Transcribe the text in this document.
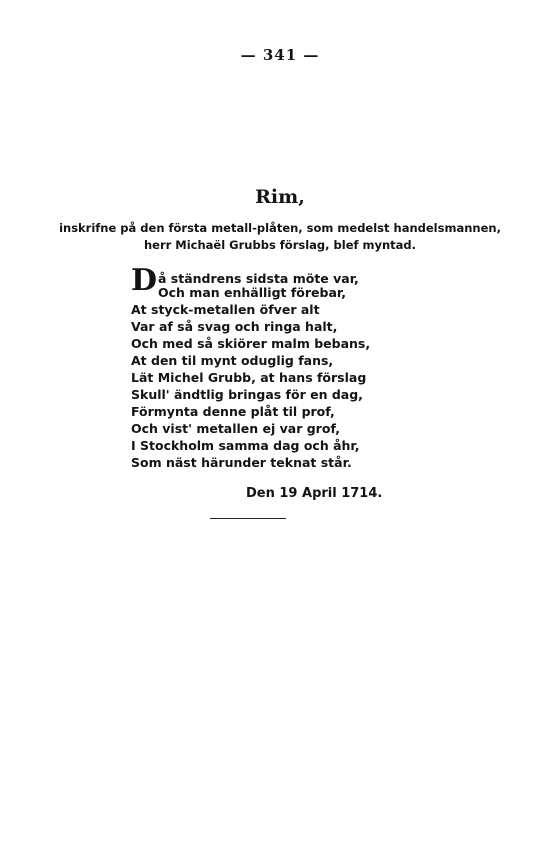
— 341 —
Rim,
inskrifne på den första metall-plåten, som medelst handelsmannen,
herr Michaël Grubbs förslag, blef myntad.
D å ständrens sidsta möte var,
Och man enhälligt förebar,
At styck-metallen öfver alt
Var af så svag och ringa halt,
Och med så skiörer malm bebans,
At den til mynt oduglig fans,
Lät Michel Grubb, at hans förslag
Skull' ändtlig bringas för en dag,
Förmynta denne plåt til prof,
Och vist' metallen ej var grof,
I Stockholm samma dag och åhr,
Som näst härunder teknat står.
Den 19 April 1714.
